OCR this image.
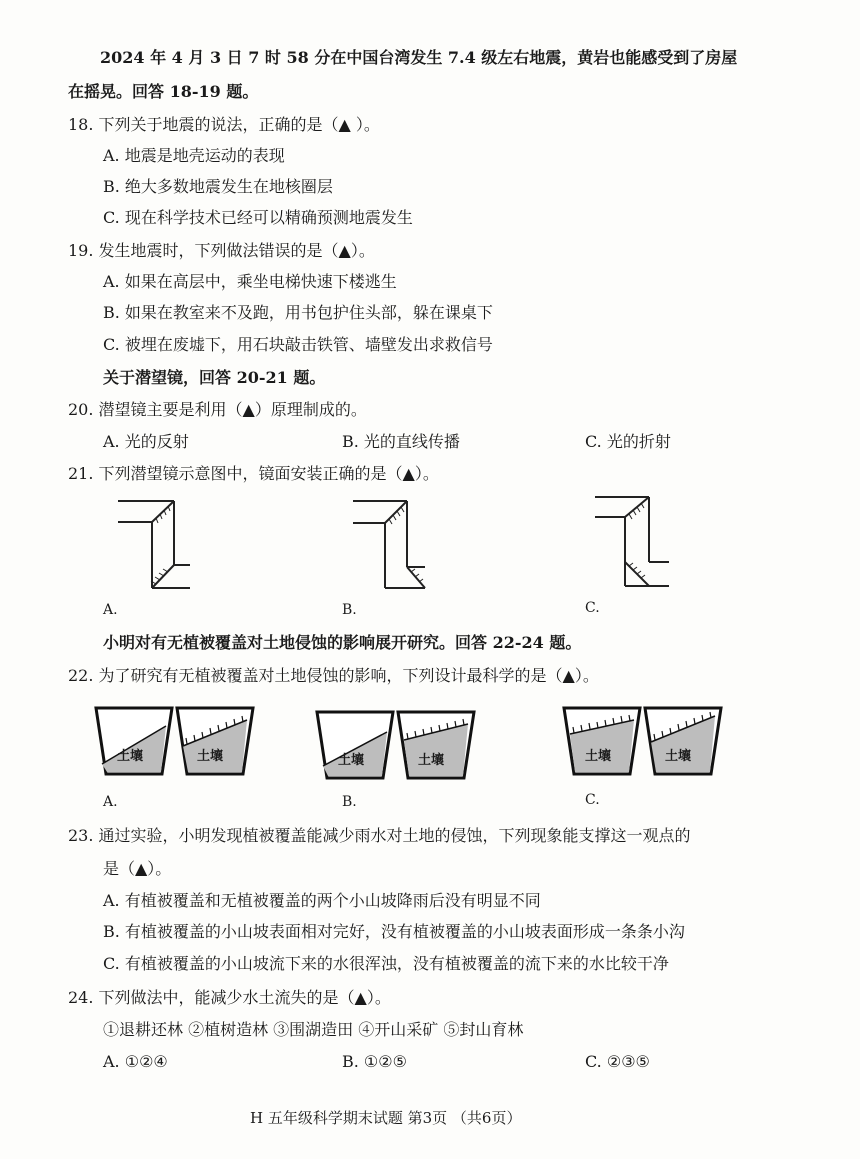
2024 年 4 月 3 日 7 时 58 分在中国台湾发生 7.4 级左右地震，黄岩也能感受到了房屋
在摇晃。回答 18-19 题。
18. 下列关于地震的说法，正确的是（▲ ）。
A. 地震是地壳运动的表现
B. 绝大多数地震发生在地核圈层
C. 现在科学技术已经可以精确预测地震发生
19. 发生地震时，下列做法错误的是（▲）。
A. 如果在高层中，乘坐电梯快速下楼逃生
B. 如果在教室来不及跑，用书包护住头部，躲在课桌下
C. 被埋在废墟下，用石块敲击铁管、墙壁发出求救信号
关于潜望镜，回答 20-21 题。
20. 潜望镜主要是利用（▲）原理制成的。
A. 光的反射	B. 光的直线传播	C. 光的折射
21. 下列潜望镜示意图中，镜面安装正确的是（▲）。
A.	B.	C.
小明对有无植被覆盖对土地侵蚀的影响展开研究。回答 22-24 题。
22. 为了研究有无植被覆盖对土地侵蚀的影响，下列设计最科学的是（▲）。
土壤	土壤
A.
土壤	土壤
B.
土壤	土壤
C.
23. 通过实验，小明发现植被覆盖能减少雨水对土地的侵蚀，下列现象能支撑这一观点的
是（▲）。
A. 有植被覆盖和无植被覆盖的两个小山坡降雨后没有明显不同
B. 有植被覆盖的小山坡表面相对完好，没有植被覆盖的小山坡表面形成一条条小沟
C. 有植被覆盖的小山坡流下来的水很浑浊，没有植被覆盖的流下来的水比较干净
24. 下列做法中，能减少水土流失的是（▲）。
①退耕还林 ②植树造林 ③围湖造田 ④开山采矿 ⑤封山育林
A. ①②④	B. ①②⑤	C. ②③⑤
H 五年级科学期末试题 第3页 （共6页）
